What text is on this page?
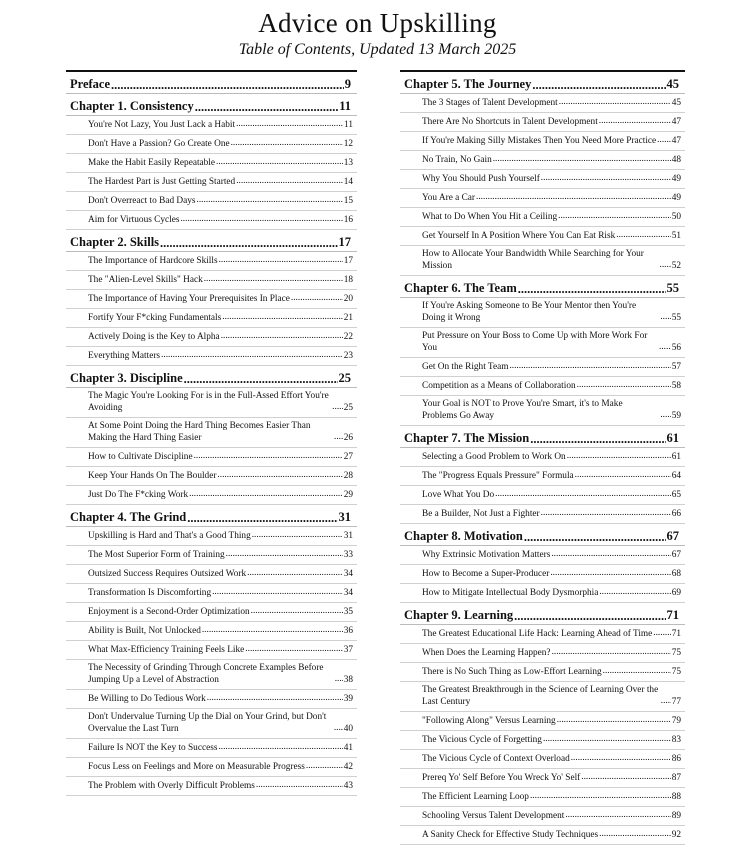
Advice on Upskilling
Table of Contents, Updated 13 March 2025
Preface .....	9
Chapter 1. Consistency .....	11
You're Not Lazy, You Just Lack a Habit .....	11
Don't Have a Passion? Go Create One .....	12
Make the Habit Easily Repeatable .....	13
The Hardest Part is Just Getting Started .....	14
Don't Overreact to Bad Days .....	15
Aim for Virtuous Cycles .....	16
Chapter 2. Skills .....	17
The Importance of Hardcore Skills .....	17
The "Alien-Level Skills" Hack .....	18
The Importance of Having Your Prerequisites In Place .....	20
Fortify Your F*cking Fundamentals .....	21
Actively Doing is the Key to Alpha .....	22
Everything Matters .....	23
Chapter 3. Discipline .....	25
The Magic You're Looking For is in the Full-Assed Effort You're Avoiding .....	25
At Some Point Doing the Hard Thing Becomes Easier Than Making the Hard Thing Easier .....	26
How to Cultivate Discipline .....	27
Keep Your Hands On The Boulder .....	28
Just Do The F*cking Work .....	29
Chapter 4. The Grind .....	31
Upskilling is Hard and That's a Good Thing .....	31
The Most Superior Form of Training .....	33
Outsized Success Requires Outsized Work .....	34
Transformation Is Discomforting .....	34
Enjoyment is a Second-Order Optimization .....	35
Ability is Built, Not Unlocked .....	36
What Max-Efficiency Training Feels Like .....	37
The Necessity of Grinding Through Concrete Examples Before Jumping Up a Level of Abstraction .....	38
Be Willing to Do Tedious Work .....	39
Don't Undervalue Turning Up the Dial on Your Grind, but Don't Overvalue the Last Turn .....	40
Failure Is NOT the Key to Success .....	41
Focus Less on Feelings and More on Measurable Progress .....	42
The Problem with Overly Difficult Problems .....	43
Chapter 5. The Journey .....	45
The 3 Stages of Talent Development .....	45
There Are No Shortcuts in Talent Development .....	47
If You're Making Silly Mistakes Then You Need More Practice ..... 47
No Train, No Gain .....	48
Why You Should Push Yourself .....	49
You Are a Car .....	49
What to Do When You Hit a Ceiling .....	50
Get Yourself In A Position Where You Can Eat Risk .....	51
How to Allocate Your Bandwidth While Searching for Your Mission .....	52
Chapter 6. The Team .....	55
If You're Asking Someone to Be Your Mentor then You're Doing it Wrong .....	55
Put Pressure on Your Boss to Come Up with More Work For You .....	56
Get On the Right Team .....	57
Competition as a Means of Collaboration .....	58
Your Goal is NOT to Prove You're Smart, it's to Make Problems Go Away .....	59
Chapter 7. The Mission .....	61
Selecting a Good Problem to Work On .....	61
The "Progress Equals Pressure" Formula .....	64
Love What You Do .....	65
Be a Builder, Not Just a Fighter .....	66
Chapter 8. Motivation .....	67
Why Extrinsic Motivation Matters .....	67
How to Become a Super-Producer .....	68
How to Mitigate Intellectual Body Dysmorphia .....	69
Chapter 9. Learning .....	71
The Greatest Educational Life Hack: Learning Ahead of Time ..... 71
When Does the Learning Happen? .....	75
There is No Such Thing as Low-Effort Learning .....	75
The Greatest Breakthrough in the Science of Learning Over the Last Century .....	77
"Following Along" Versus Learning .....	79
The Vicious Cycle of Forgetting .....	83
The Vicious Cycle of Context Overload .....	86
Prereq Yo' Self Before You Wreck Yo' Self .....	87
The Efficient Learning Loop .....	88
Schooling Versus Talent Development .....	89
A Sanity Check for Effective Study Techniques .....	92
